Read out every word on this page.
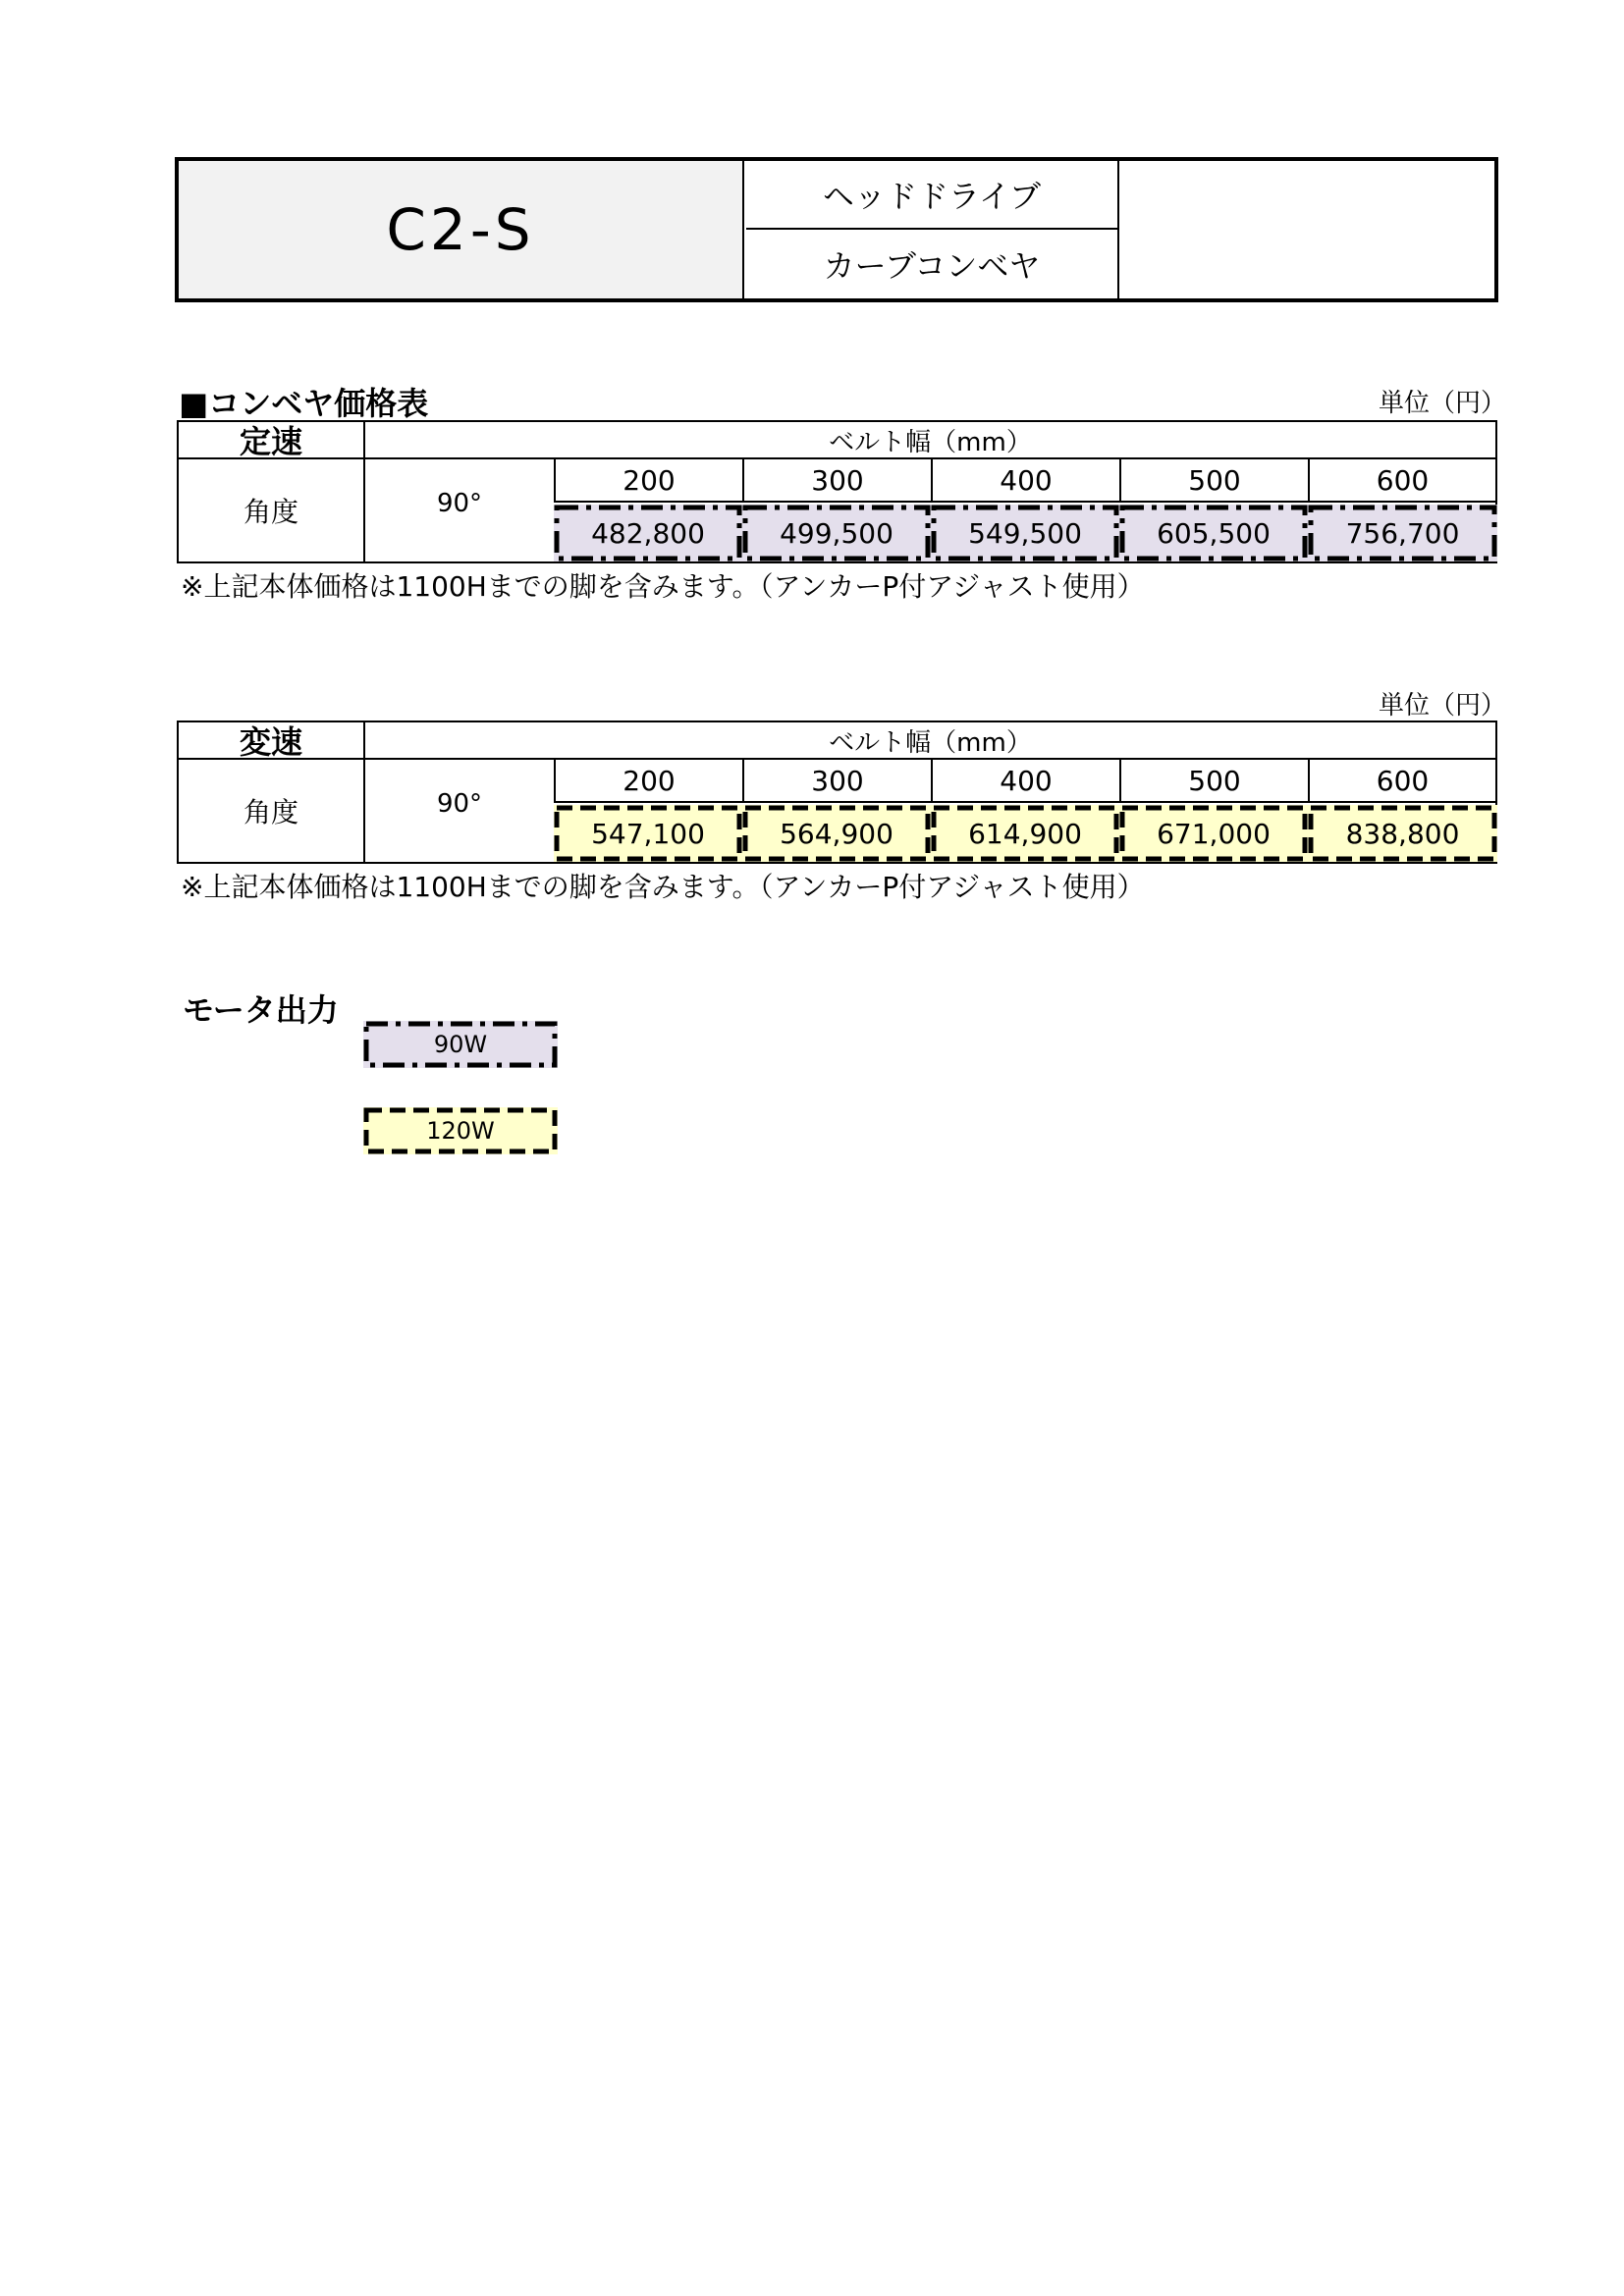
C2-S	ヘッドドライブ
カーブコンベヤ
■コンベヤ価格表	単位（円）
定速	ベルト幅（mm）
角度	90°
200	300	400	500	600
482,800	499,500	549,500	605,500	756,700
※上記本体価格は1100Hまでの脚を含みます。（アンカーP付アジャスト使用）
単位（円）
変速	ベルト幅（mm）
角度	90°
200	300	400	500	600
547,100	564,900	614,900	671,000	838,800
※上記本体価格は1100Hまでの脚を含みます。（アンカーP付アジャスト使用）
モータ出力
90W
120W
